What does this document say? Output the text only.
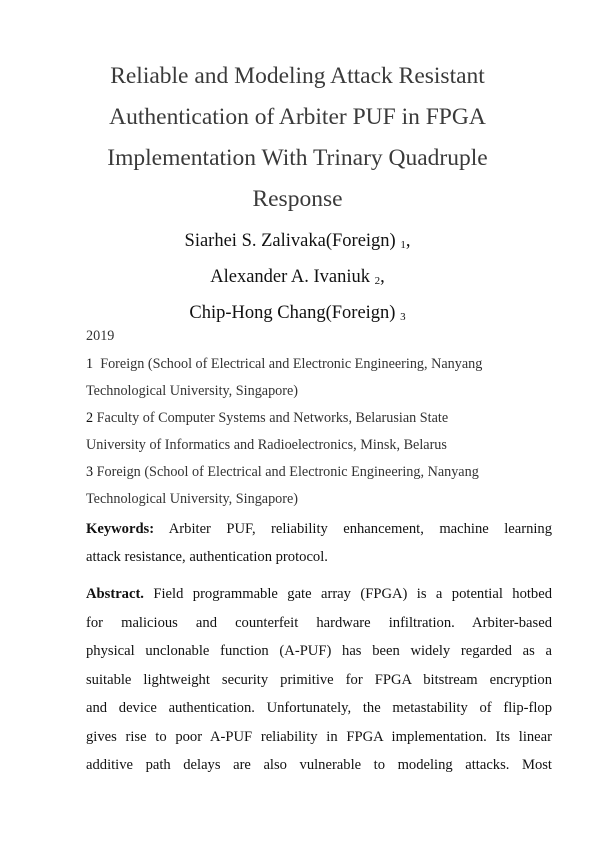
Reliable and Modeling Attack Resistant
Authentication of Arbiter PUF in FPGA
Implementation With Trinary Quadruple
Response
Siarhei S. Zalivaka(Foreign) $_1$,
Alexander A. Ivaniuk $_2$,
Chip-Hong Chang(Foreign) $_3$
2019
1 Foreign (School of Electrical and Electronic Engineering, Nanyang
Technological University, Singapore)
2 Faculty of Computer Systems and Networks, Belarusian State
University of Informatics and Radioelectronics, Minsk, Belarus
3 Foreign (School of Electrical and Electronic Engineering, Nanyang
Technological University, Singapore)
Keywords: Arbiter PUF, reliability enhancement, machine learning
attack resistance, authentication protocol.
Abstract. Field programmable gate array (FPGA) is a potential hotbed
for malicious and counterfeit hardware infiltration. Arbiter-based
physical unclonable function (A-PUF) has been widely regarded as a
suitable lightweight security primitive for FPGA bitstream encryption
and device authentication. Unfortunately, the metastability of flip-flop
gives rise to poor A-PUF reliability in FPGA implementation. Its linear
additive path delays are also vulnerable to modeling attacks. Most
